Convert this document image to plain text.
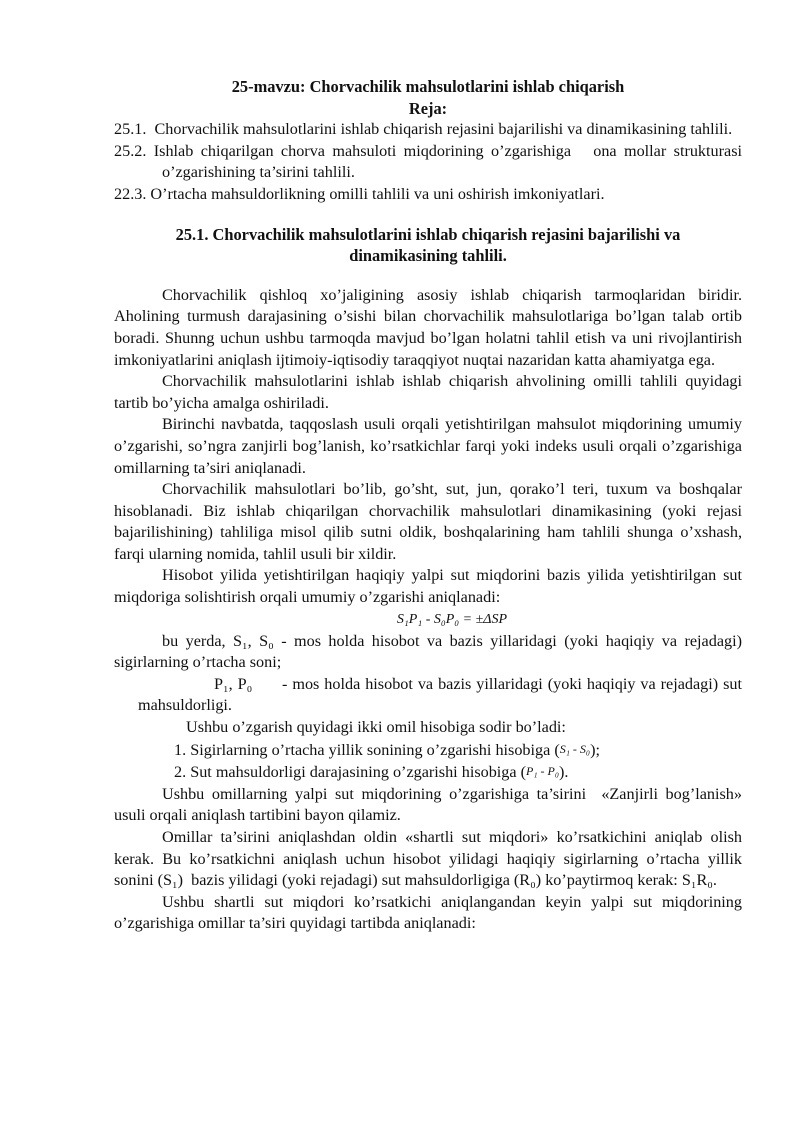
25-mavzu: Chorvachilik mahsulotlarini ishlab chiqarish
Reja:
25.1.  Chorvachilik mahsulotlarini ishlab chiqarish rejasini bajarilishi va dinamikasining tahlili.
25.2. Ishlab chiqarilgan chorva mahsuloti miqdorining o’zgarishiga   ona mollar strukturasi o’zgarishining ta’sirini tahlili.
22.3. O’rtacha mahsuldorlikning omilli tahlili va uni oshirish imkoniyatlari.
25.1. Chorvachilik mahsulotlarini ishlab chiqarish rejasini bajarilishi va
dinamikasining tahlili.

Chorvachilik qishloq xo’jaligining asosiy ishlab chiqarish tarmoqlaridan biridir. Aholining turmush darajasining o’sishi bilan chorvachilik mahsulotlariga bo’lgan talab ortib boradi. Shunng uchun ushbu tarmoqda mavjud bo’lgan holatni tahlil etish va uni rivojlantirish imkoniyatlarini aniqlash ijtimoiy-iqtisodiy taraqqiyot nuqtai nazaridan katta ahamiyatga ega.

Chorvachilik mahsulotlarini ishlab ishlab chiqarish ahvolining omilli tahlili quyidagi tartib bo’yicha amalga oshiriladi.

Birinchi navbatda, taqqoslash usuli orqali yetishtirilgan mahsulot miqdorining umumiy o’zgarishi, so’ngra zanjirli bog’lanish, ko’rsatkichlar farqi yoki indeks usuli orqali o’zgarishiga omillarning ta’siri aniqlanadi.

Chorvachilik mahsulotlari bo’lib, go’sht, sut, jun, qorako’l teri, tuxum va boshqalar hisoblanadi. Biz ishlab chiqarilgan chorvachilik mahsulotlari dinamikasining (yoki rejasi bajarilishining) tahliliga misol qilib sutni oldik, boshqalarining ham tahlili shunga o’xshash, farqi ularning nomida, tahlil usuli bir xildir.

Hisobot yilida yetishtirilgan haqiqiy yalpi sut miqdorini bazis yilida yetishtirilgan sut miqdoriga solishtirish orqali umumiy o’zgarishi aniqlanadi:

S₁P₁ - S₀P₀ = ±ΔSP

bu yerda, S₁, S₀ - mos holda hisobot va bazis yillaridagi (yoki haqiqiy va rejadagi) sigirlarning o’rtacha soni;

P₁, P₀      - mos holda hisobot va bazis yillaridagi (yoki haqiqiy va rejadagi) sut mahsuldorligi.

Ushbu o’zgarish quyidagi ikki omil hisobiga sodir bo’ladi:

1. Sigirlarning o’rtacha yillik sonining o’zgarishi hisobiga (S₁ - S₀);

2. Sut mahsuldorligi darajasining o’zgarishi hisobiga (P₁ - P₀).

Ushbu omillarning yalpi sut miqdorining o’zgarishiga ta’sirini  «Zanjirli bog’lanish» usuli orqali aniqlash tartibini bayon qilamiz.

Omillar ta’sirini aniqlashdan oldin «shartli sut miqdori» ko’rsatkichini aniqlab olish kerak. Bu ko’rsatkichni aniqlash uchun hisobot yilidagi haqiqiy sigirlarning o’rtacha yillik sonini (S₁)  bazis yilidagi (yoki rejadagi) sut mahsuldorligiga (R₀) ko’paytirmoq kerak: S₁R₀.

Ushbu shartli sut miqdori ko’rsatkichi aniqlangandan keyin yalpi sut miqdorining o’zgarishiga omillar ta’siri quyidagi tartibda aniqlanadi:
